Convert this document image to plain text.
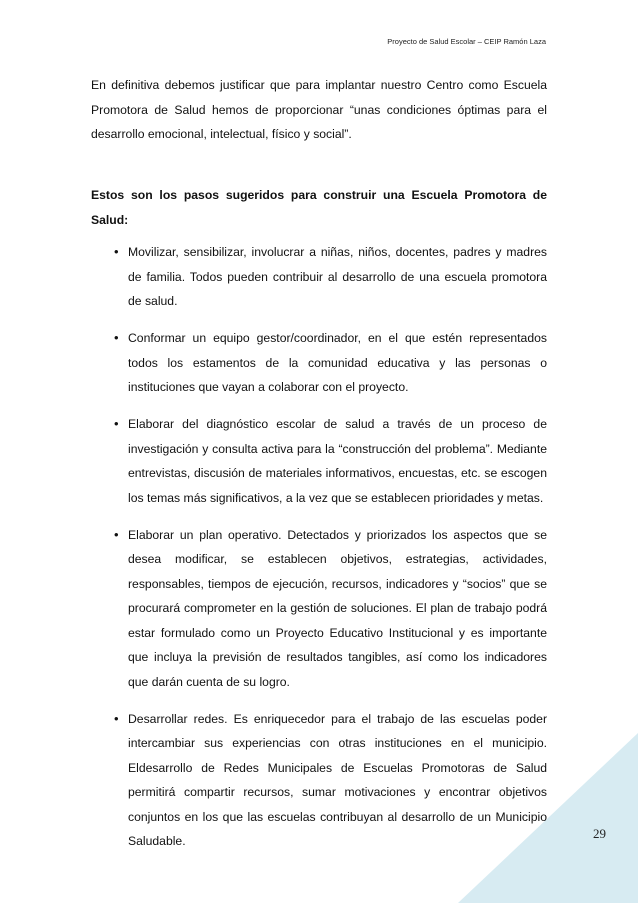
Proyecto de Salud Escolar – CEIP Ramón Laza

En definitiva debemos justificar que para implantar nuestro Centro como Escuela Promotora de Salud hemos de proporcionar “unas condiciones óptimas para el desarrollo emocional, intelectual, físico y social”.

Estos son los pasos sugeridos para construir una Escuela Promotora de Salud:

• Movilizar, sensibilizar, involucrar a niñas, niños, docentes, padres y madres de familia. Todos pueden contribuir al desarrollo de una escuela promotora de salud.
• Conformar un equipo gestor/coordinador, en el que estén representados todos los estamentos de la comunidad educativa y las personas o instituciones que vayan a colaborar con el proyecto.
• Elaborar del diagnóstico escolar de salud a través de un proceso de investigación y consulta activa para la “construcción del problema”. Mediante entrevistas, discusión de materiales informativos, encuestas, etc. se escogen los temas más significativos, a la vez que se establecen prioridades y metas.
• Elaborar un plan operativo. Detectados y priorizados los aspectos que se desea modificar, se establecen objetivos, estrategias, actividades, responsables, tiempos de ejecución, recursos, indicadores y “socios” que se procurará comprometer en la gestión de soluciones. El plan de trabajo podrá estar formulado como un Proyecto Educativo Institucional y es importante que incluya la previsión de resultados tangibles, así como los indicadores que darán cuenta de su logro.
• Desarrollar redes. Es enriquecedor para el trabajo de las escuelas poder intercambiar sus experiencias con otras instituciones en el municipio. Eldesarrollo de Redes Municipales de Escuelas Promotoras de Salud permitirá compartir recursos, sumar motivaciones y encontrar objetivos conjuntos en los que las escuelas contribuyan al desarrollo de un Municipio Saludable.	29
